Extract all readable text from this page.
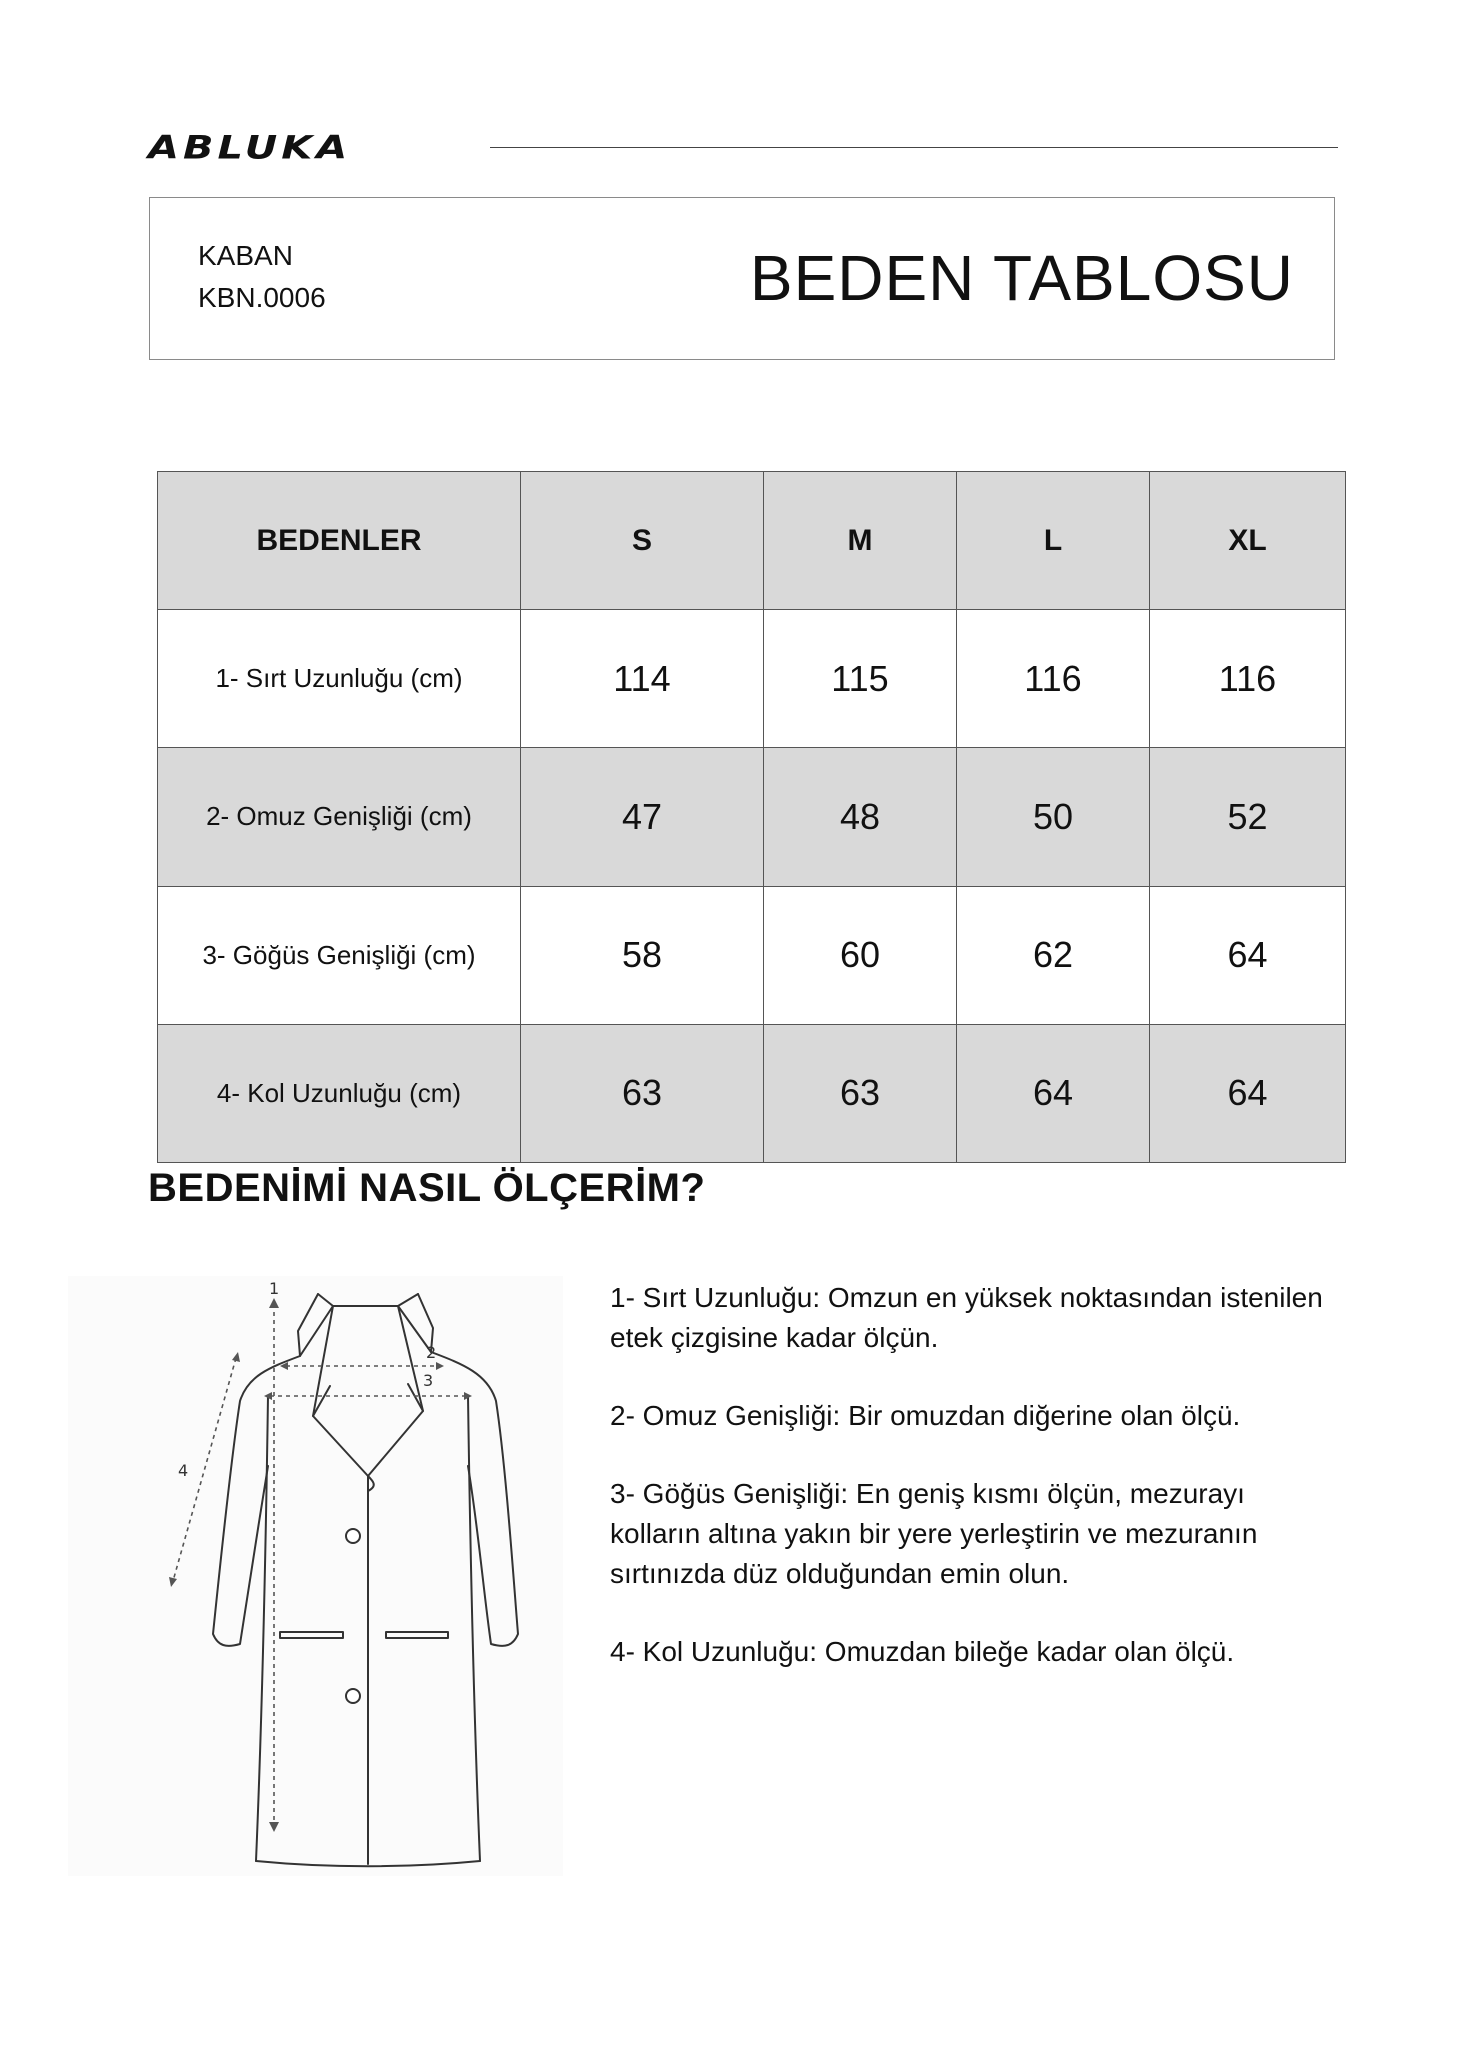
ABLUKA
KABAN
KBN.0006	BEDEN TABLOSU
BEDENLER	S	M	L	XL
1- Sırt Uzunluğu (cm)	114	115	116	116
2- Omuz Genişliği (cm)	47	48	50	52
3- Göğüs Genişliği (cm)	58	60	62	64
4- Kol Uzunluğu (cm)	63	63	64	64
BEDENİMİ NASIL ÖLÇERİM?
1
2
3
4

1- Sırt Uzunluğu: Omzun en yüksek noktasından istenilen etek çizgisine kadar ölçün.

2- Omuz Genişliği: Bir omuzdan diğerine olan ölçü.

3- Göğüs Genişliği: En geniş kısmı ölçün, mezurayı kolların altına yakın bir yere yerleştirin ve mezuranın sırtınızda düz olduğundan emin olun.

4- Kol Uzunluğu: Omuzdan bileğe kadar olan ölçü.
